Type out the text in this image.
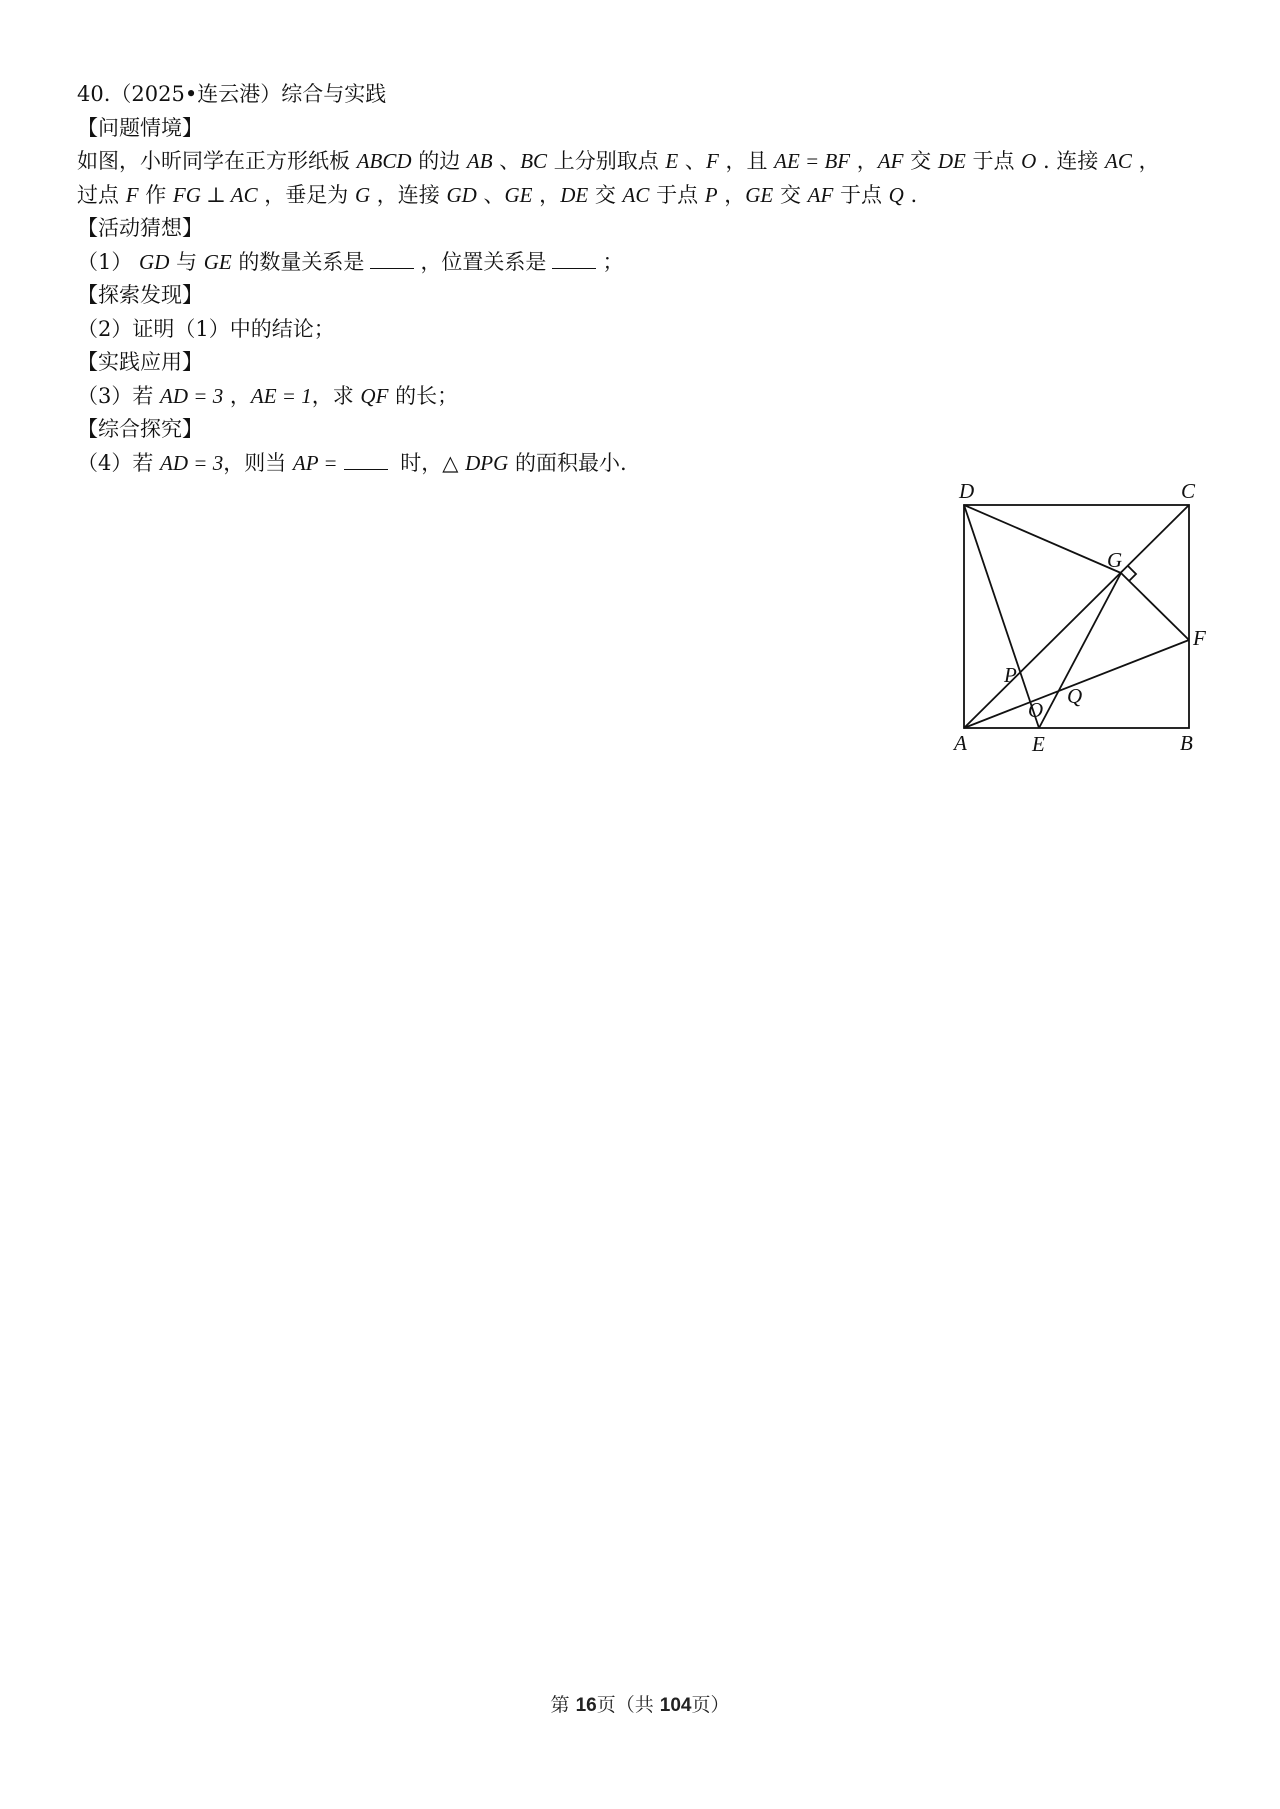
40.（2025•连云港）综合与实践
【问题情境】
如图，小昕同学在正方形纸板 ABCD 的边 AB 、BC 上分别取点 E 、F ，且 AE = BF ，AF 交 DE 于点 O . 连接 AC ，
过点 F 作 FG ⊥ AC ，垂足为 G ，连接 GD 、GE ，DE 交 AC 于点 P ，GE 交 AF 于点 Q .
【活动猜想】
（1） GD 与 GE 的数量关系是	，位置关系是	；
【探索发现】
（2）证明（1）中的结论；
【实践应用】
（3）若 AD = 3 ，AE = 1，求 QF 的长；
【综合探究】
（4）若 AD = 3，则当 AP =	时，△ DPG 的面积最小.
D	C
G
F
P
Q
O
A	E	B
第 16页（共 104页）
